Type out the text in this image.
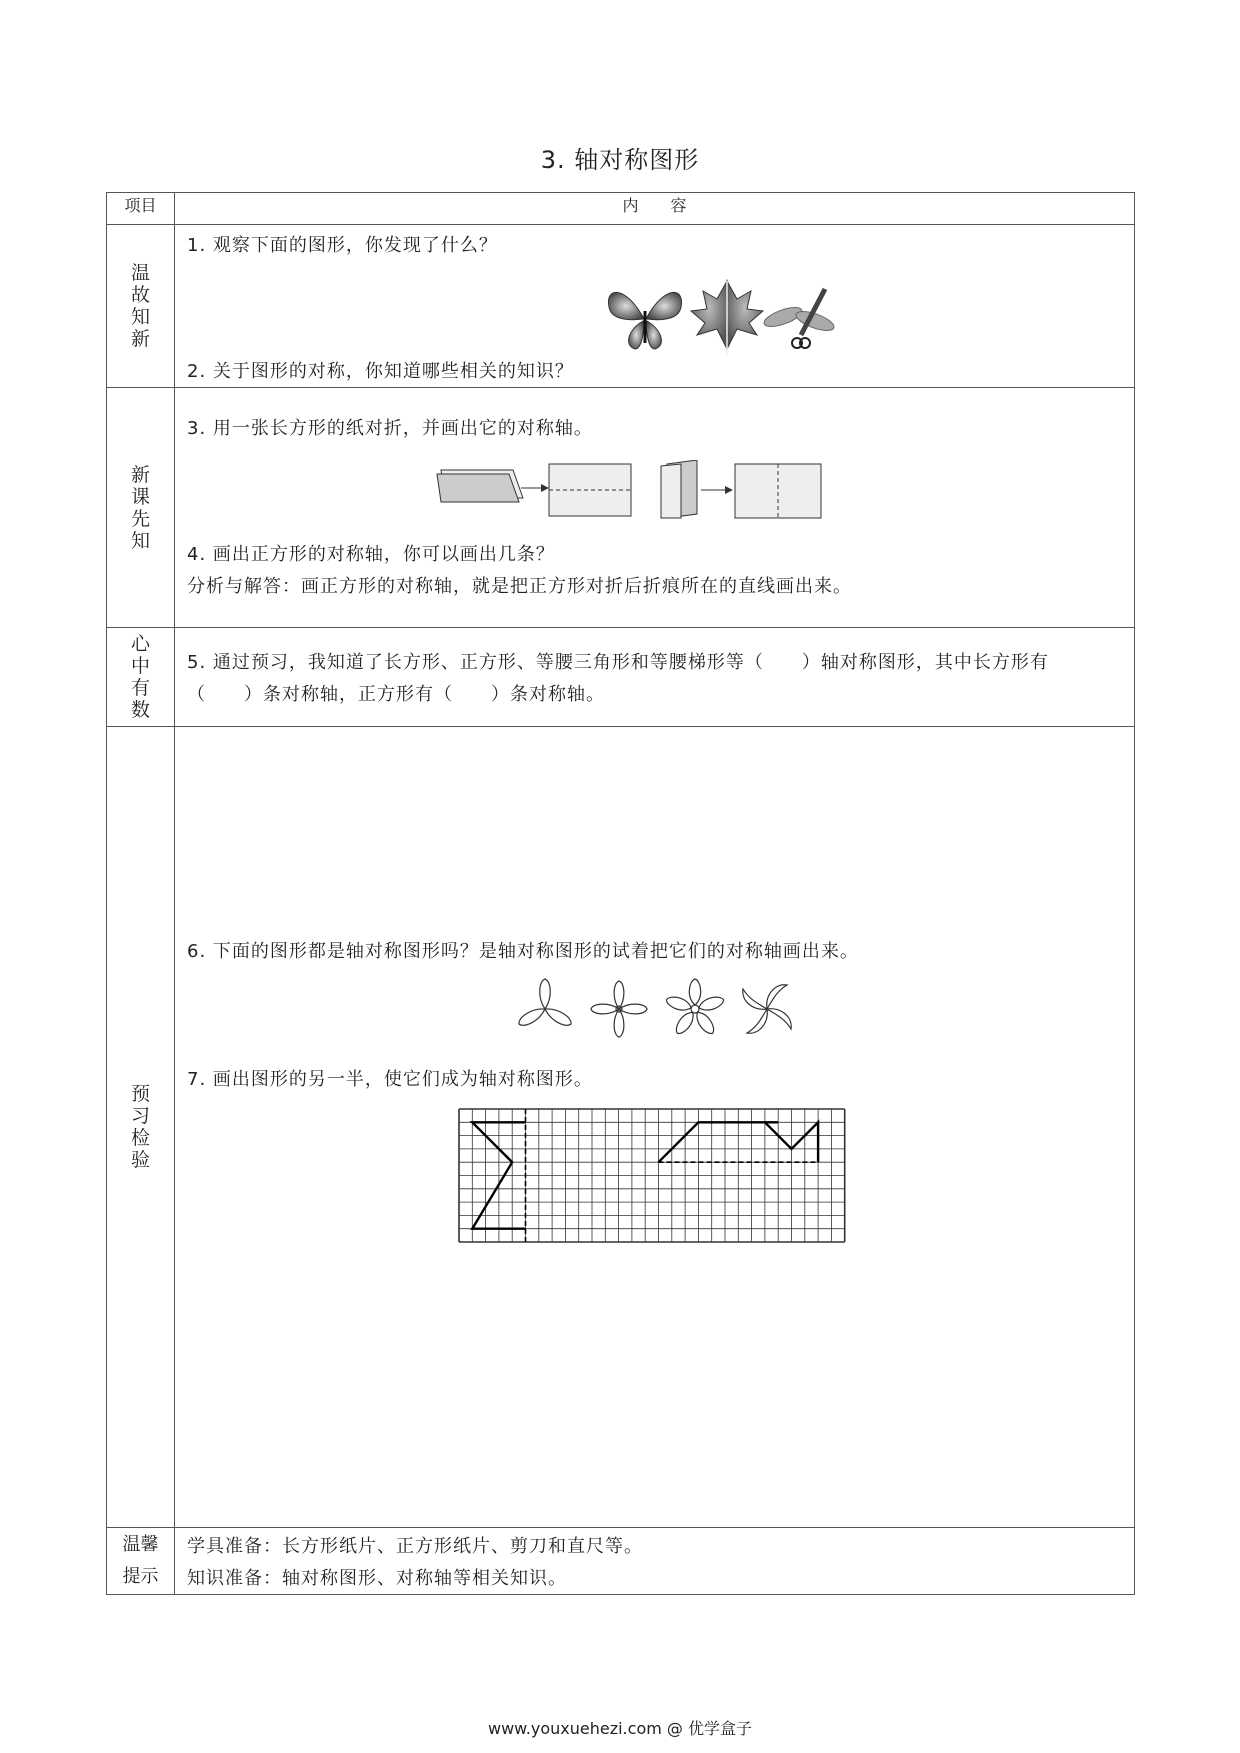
3. 轴对称图形
项目	内　　容
温故知新	1. 观察下面的图形，你发现了什么？
2. 关于图形的对称，你知道哪些相关的知识？

新课先知	3. 用一张长方形的纸对折，并画出它的对称轴。
4. 画出正方形的对称轴，你可以画出几条？
分析与解答：画正方形的对称轴，就是把正方形对折后折痕所在的直线画出来。

心中有数	5. 通过预习，我知道了长方形、正方形、等腰三角形和等腰梯形等（　　）轴对称图形，其中长方形有
（　　）条对称轴，正方形有（　　）条对称轴。

预习检验	6. 下面的图形都是轴对称图形吗？是轴对称图形的试着把它们的对称轴画出来。
7. 画出图形的另一半，使它们成为轴对称图形。

温馨提示	学具准备：长方形纸片、正方形纸片、剪刀和直尺等。
知识准备：轴对称图形、对称轴等相关知识。
www.youxuehezi.com @ 优学盒子
